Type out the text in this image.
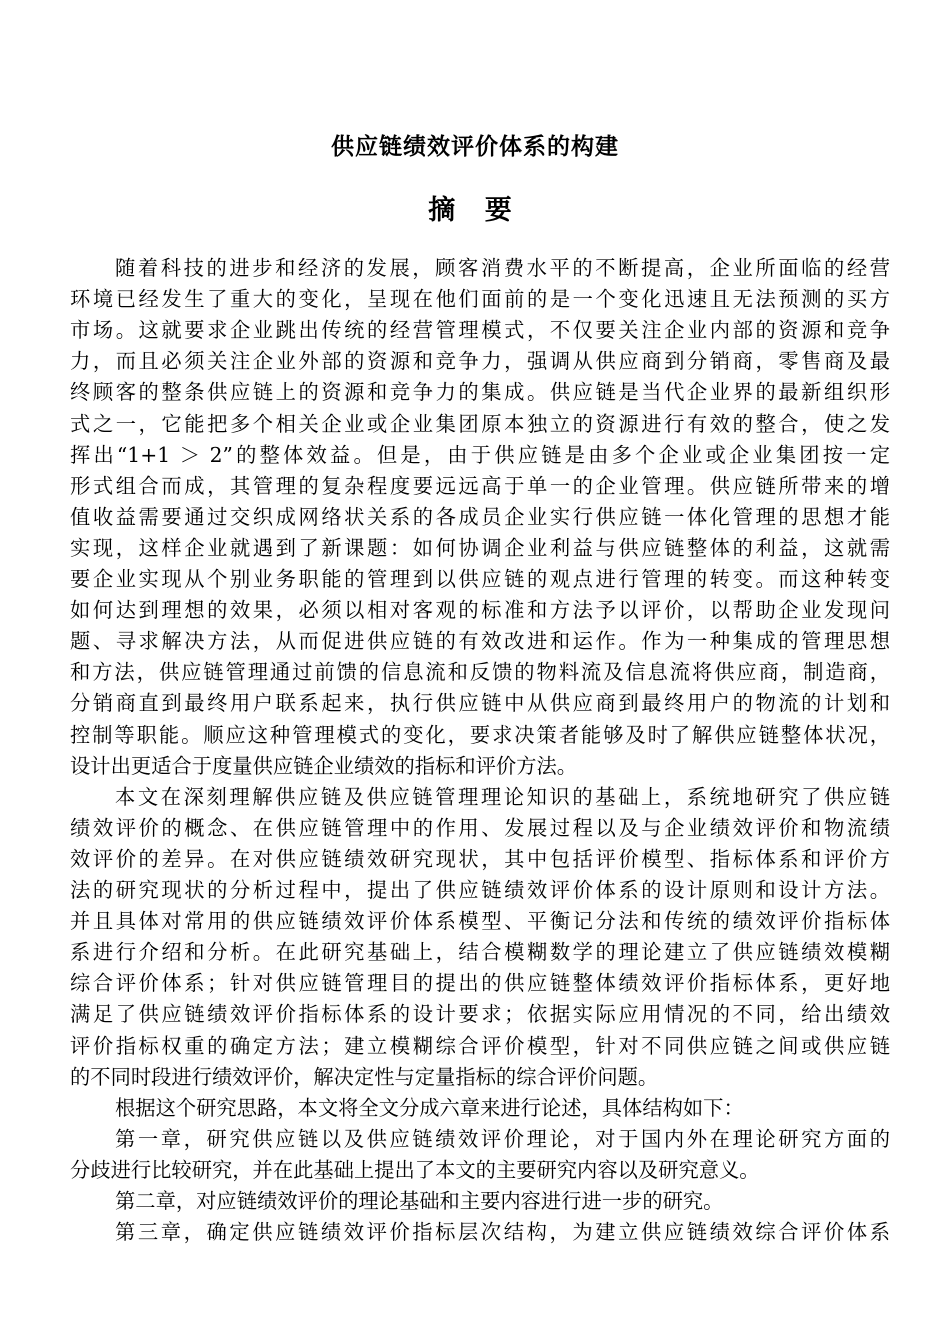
供应链绩效评价体系的构建
摘 要
随着科技的进步和经济的发展，顾客消费水平的不断提高，企业所面临的经营
环境已经发生了重大的变化，呈现在他们面前的是一个变化迅速且无法预测的买方
市场。这就要求企业跳出传统的经营管理模式，不仅要关注企业内部的资源和竞争
力，而且必须关注企业外部的资源和竞争力，强调从供应商到分销商，零售商及最
终顾客的整条供应链上的资源和竞争力的集成。供应链是当代企业界的最新组织形
式之一，它能把多个相关企业或企业集团原本独立的资源进行有效的整合，使之发
挥出“1+1 ＞ 2”的整体效益。但是，由于供应链是由多个企业或企业集团按一定
形式组合而成，其管理的复杂程度要远远高于单一的企业管理。供应链所带来的增
值收益需要通过交织成网络状关系的各成员企业实行供应链一体化管理的思想才能
实现，这样企业就遇到了新课题：如何协调企业利益与供应链整体的利益，这就需
要企业实现从个别业务职能的管理到以供应链的观点进行管理的转变。而这种转变
如何达到理想的效果，必须以相对客观的标准和方法予以评价，以帮助企业发现问
题、寻求解决方法，从而促进供应链的有效改进和运作。作为一种集成的管理思想
和方法，供应链管理通过前馈的信息流和反馈的物料流及信息流将供应商，制造商，
分销商直到最终用户联系起来，执行供应链中从供应商到最终用户的物流的计划和
控制等职能。顺应这种管理模式的变化，要求决策者能够及时了解供应链整体状况，
设计出更适合于度量供应链企业绩效的指标和评价方法。
本文在深刻理解供应链及供应链管理理论知识的基础上，系统地研究了供应链
绩效评价的概念、在供应链管理中的作用、发展过程以及与企业绩效评价和物流绩
效评价的差异。在对供应链绩效研究现状，其中包括评价模型、指标体系和评价方
法的研究现状的分析过程中，提出了供应链绩效评价体系的设计原则和设计方法。
并且具体对常用的供应链绩效评价体系模型、平衡记分法和传统的绩效评价指标体
系进行介绍和分析。在此研究基础上，结合模糊数学的理论建立了供应链绩效模糊
综合评价体系；针对供应链管理目的提出的供应链整体绩效评价指标体系，更好地
满足了供应链绩效评价指标体系的设计要求；依据实际应用情况的不同，给出绩效
评价指标权重的确定方法；建立模糊综合评价模型，针对不同供应链之间或供应链
的不同时段进行绩效评价，解决定性与定量指标的综合评价问题。
根据这个研究思路，本文将全文分成六章来进行论述，具体结构如下：
第一章，研究供应链以及供应链绩效评价理论，对于国内外在理论研究方面的
分歧进行比较研究，并在此基础上提出了本文的主要研究内容以及研究意义。
第二章，对应链绩效评价的理论基础和主要内容进行进一步的研究。
第三章，确定供应链绩效评价指标层次结构，为建立供应链绩效综合评价体系
